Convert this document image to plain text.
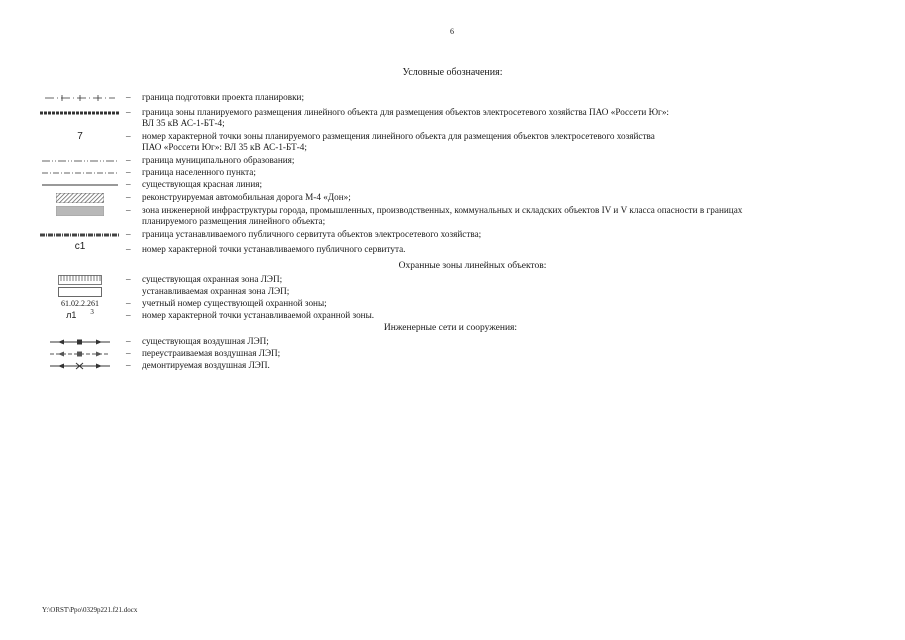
6
Условные обозначения:
– граница подготовки проекта планировки;
– граница зоны планируемого размещения линейного объекта для размещения объектов электросетевого хозяйства ПАО «Россети Юг»:
ВЛ 35 кВ АС-1-БТ-4;
7	– номер характерной точки зоны планируемого размещения линейного объекта для размещения объектов электросетевого хозяйства
ПАО «Россети Юг»: ВЛ 35 кВ АС-1-БТ-4;
– граница муниципального образования;
– граница населенного пункта;
– существующая красная линия;
– реконструируемая автомобильная дорога М-4 «Дон»;
– зона инженерной инфраструктуры города, промышленных, производственных, коммунальных и складских объектов IV и V класса опасности в границах
планируемого размещения линейного объекта;
– граница устанавливаемого публичного сервитута объектов электросетевого хозяйства;
с1	– номер характерной точки устанавливаемого публичного сервитута.
Охранные зоны линейных объектов:
– существующая охранная зона ЛЭП;
устанавливаемая охранная зона ЛЭП;
61.02.2.261	– учетный номер существующей охранной зоны;
л1 3	– номер характерной точки устанавливаемой охранной зоны.
Инженерные сети и сооружения:
– существующая воздушная ЛЭП;
– переустраиваемая воздушная ЛЭП;
– демонтируемая воздушная ЛЭП.
Y:\ORST\Ppo\0329p221.f21.docx
